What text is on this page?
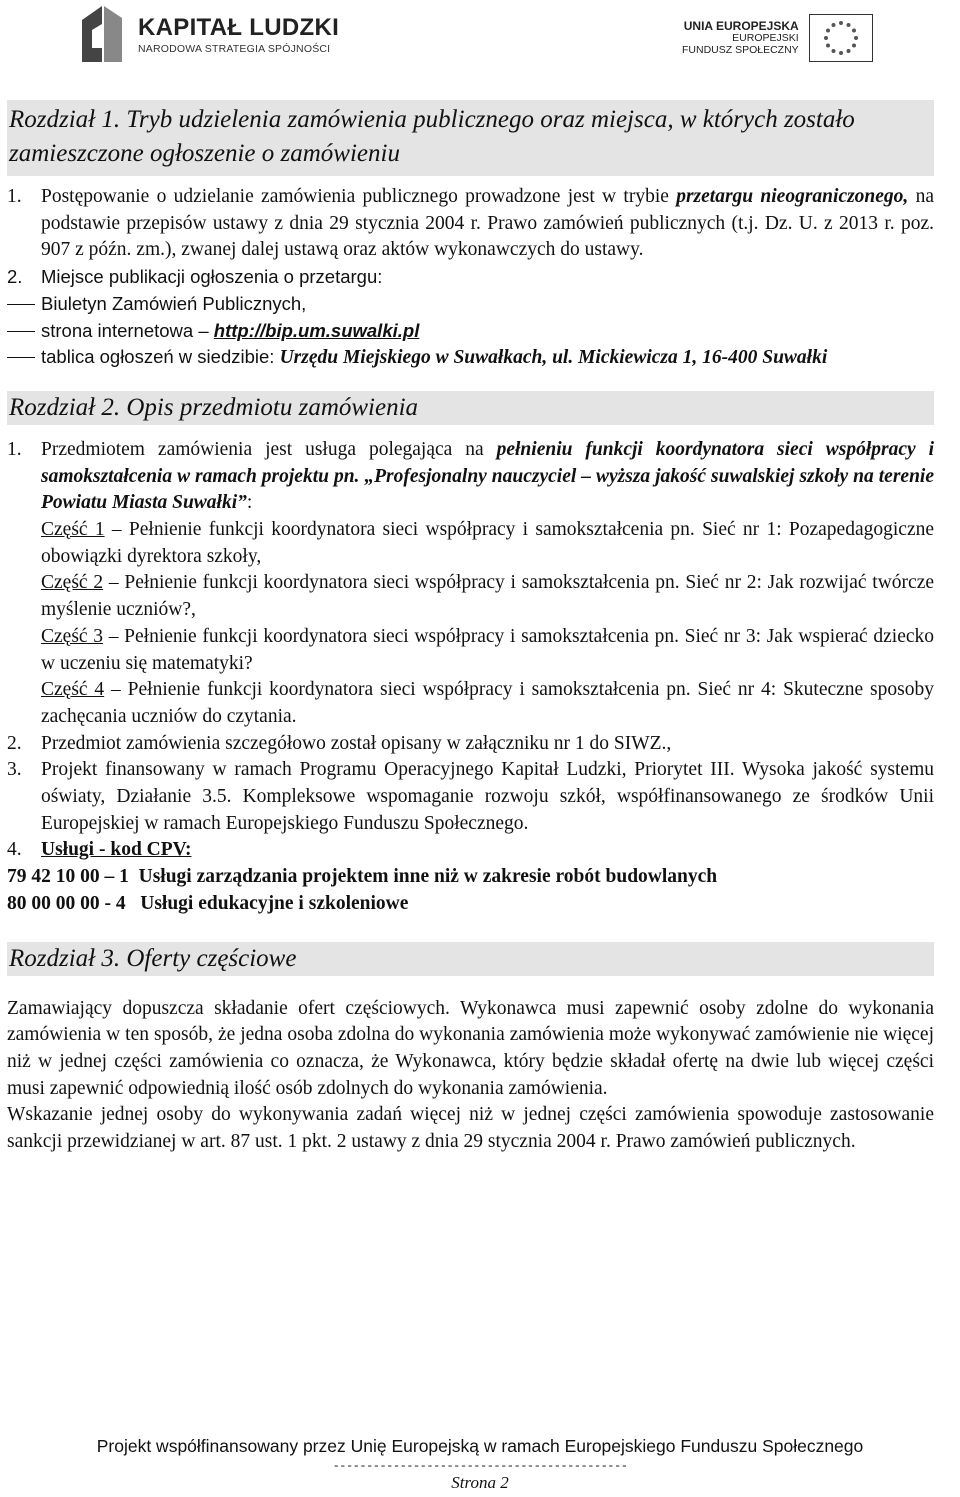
KAPITAŁ LUDZKI
NARODOWA STRATEGIA SPÓJNOŚCI
UNIA EUROPEJSKA
EUROPEJSKI
FUNDUSZ SPOŁECZNY
Rozdział 1. Tryb udzielenia zamówienia publicznego oraz miejsca, w których zostało zamieszczone ogłoszenie o zamówieniu
1. Postępowanie o udzielanie zamówienia publicznego prowadzone jest w trybie przetargu nieograniczonego, na podstawie przepisów ustawy z dnia 29 stycznia 2004 r. Prawo zamówień publicznych (t.j. Dz. U. z 2013 r. poz. 907 z późn. zm.), zwanej dalej ustawą oraz aktów wykonawczych do ustawy.
2. Miejsce publikacji ogłoszenia o przetargu:
Biuletyn Zamówień Publicznych,
strona internetowa – http://bip.um.suwalki.pl
tablica ogłoszeń w siedzibie: Urzędu Miejskiego w Suwałkach, ul. Mickiewicza 1, 16-400 Suwałki
Rozdział 2. Opis przedmiotu zamówienia
1. Przedmiotem zamówienia jest usługa polegająca na pełnieniu funkcji koordynatora sieci współpracy i samokształcenia w ramach projektu pn. „Profesjonalny nauczyciel – wyższa jakość suwalskiej szkoły na terenie Powiatu Miasta Suwałki”:
Część 1 – Pełnienie funkcji koordynatora sieci współpracy i samokształcenia pn. Sieć nr 1: Pozapedagogiczne obowiązki dyrektora szkoły,
Część 2 – Pełnienie funkcji koordynatora sieci współpracy i samokształcenia pn. Sieć nr 2: Jak rozwijać twórcze myślenie uczniów?,
Część 3 – Pełnienie funkcji koordynatora sieci współpracy i samokształcenia pn. Sieć nr 3: Jak wspierać dziecko w uczeniu się matematyki?
Część 4 – Pełnienie funkcji koordynatora sieci współpracy i samokształcenia pn. Sieć nr 4: Skuteczne sposoby zachęcania uczniów do czytania.
2. Przedmiot zamówienia szczegółowo został opisany w załączniku nr 1 do SIWZ.,
3. Projekt finansowany w ramach Programu Operacyjnego Kapitał Ludzki, Priorytet III. Wysoka jakość systemu oświaty, Działanie 3.5. Kompleksowe wspomaganie rozwoju szkół, współfinansowanego ze środków Unii Europejskiej w ramach Europejskiego Funduszu Społecznego.
4. Usługi - kod CPV:

79 42 10 00 – 1  Usługi zarządzania projektem inne niż w zakresie robót budowlanych

80 00 00 00 - 4   Usługi edukacyjne i szkoleniowe

Rozdział 3. Oferty częściowe

Zamawiający dopuszcza składanie ofert częściowych. Wykonawca musi zapewnić osoby zdolne do wykonania zamówienia w ten sposób, że jedna osoba zdolna do wykonania zamówienia może wykonywać zamówienie nie więcej niż w jednej części zamówienia co oznacza, że Wykonawca, który będzie składał ofertę na dwie lub więcej części musi zapewnić odpowiednią ilość osób zdolnych do wykonania zamówienia.

Wskazanie jednej osoby do wykonywania zadań więcej niż w jednej części zamówienia spowoduje zastosowanie sankcji przewidzianej w art. 87 ust. 1 pkt. 2 ustawy z dnia 29 stycznia 2004 r. Prawo zamówień publicznych.

Projekt współfinansowany przez Unię Europejską w ramach Europejskiego Funduszu Społecznego
--------------------------------------------
Strona 2
